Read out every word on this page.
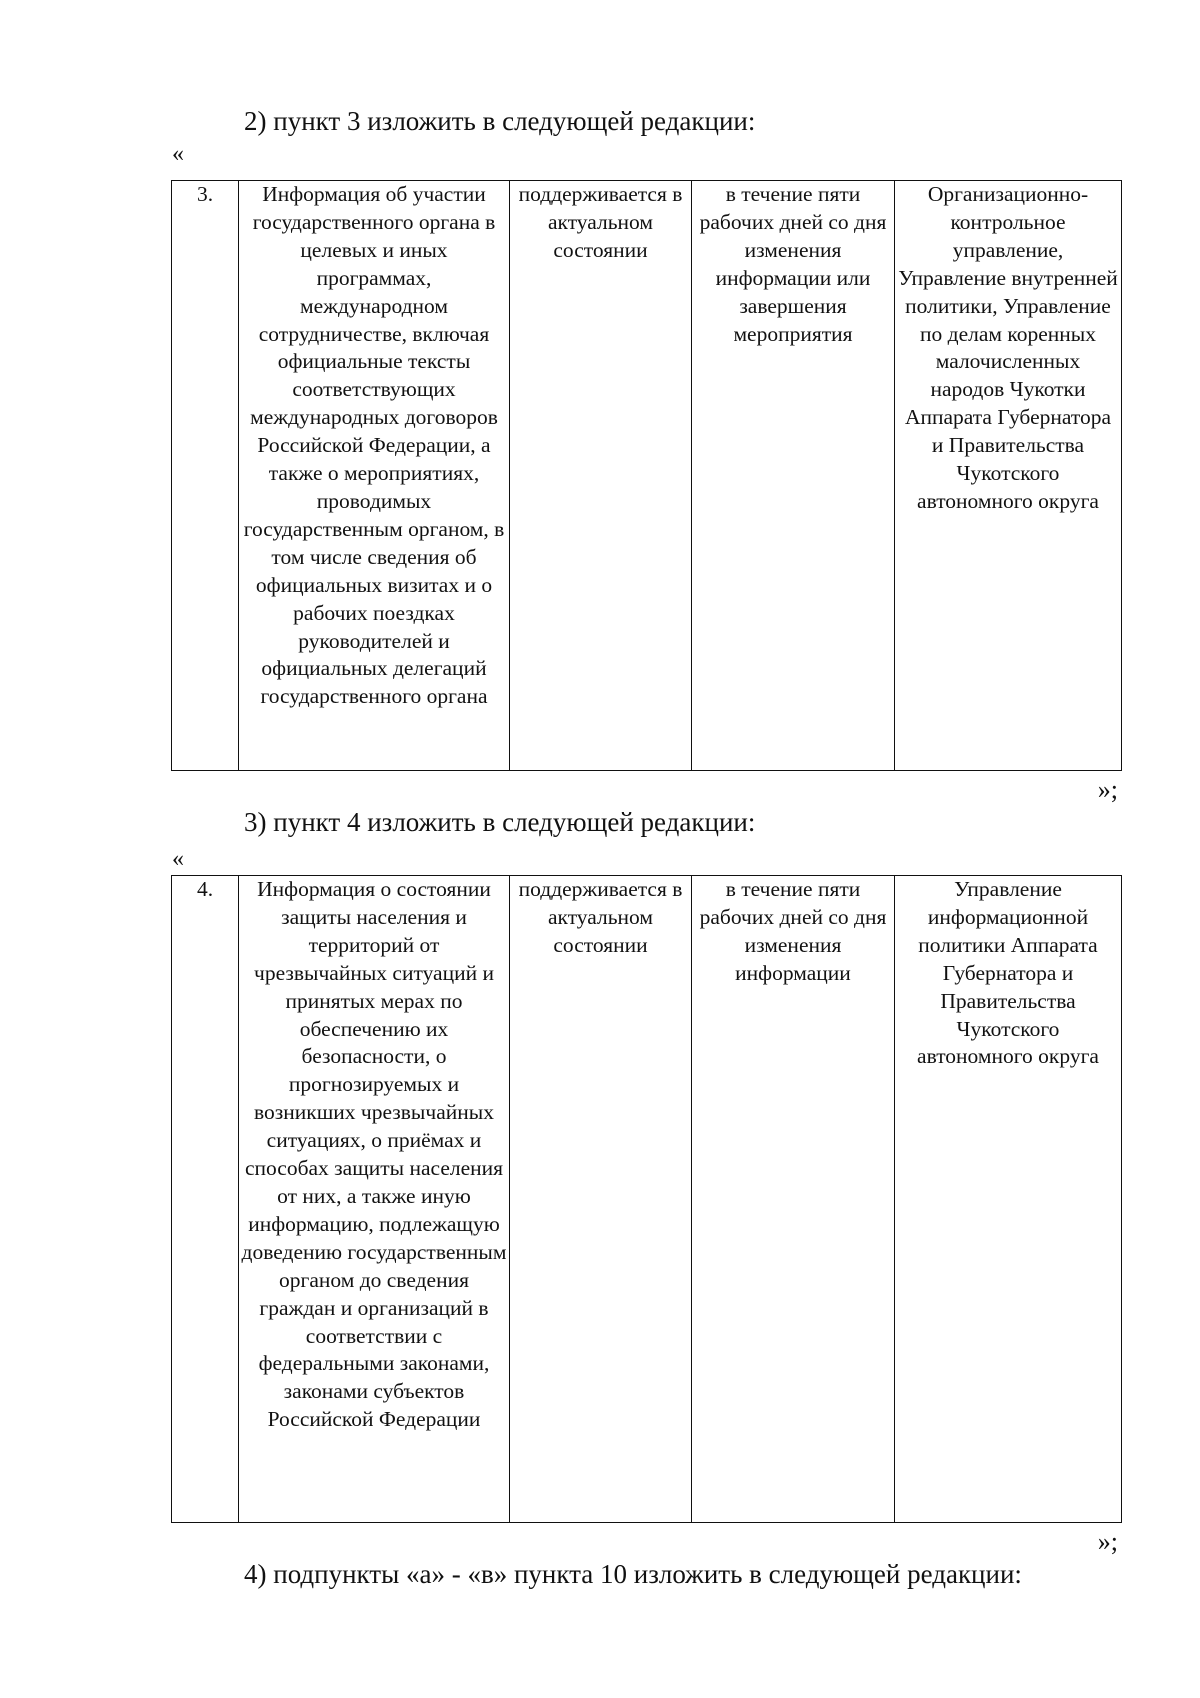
2) пункт 3 изложить в следующей редакции:
«
3.	Информация об участии государственного органа в целевых и иных программах, международном сотрудничестве, включая официальные тексты соответствующих международных договоров Российской Федерации, а также о мероприятиях, проводимых государственным органом, в том числе сведения об официальных визитах и о рабочих поездках руководителей и официальных делегаций государственного органа	поддерживается в актуальном состоянии	в течение пяти рабочих дней со дня изменения информации или завершения мероприятия	Организационно-контрольное управление, Управление внутренней политики, Управление по делам коренных малочисленных народов Чукотки Аппарата Губернатора и Правительства Чукотского автономного округа
»;
3) пункт 4 изложить в следующей редакции:
«
4.	Информация о состоянии защиты населения и территорий от чрезвычайных ситуаций и принятых мерах по обеспечению их безопасности, о прогнозируемых и возникших чрезвычайных ситуациях, о приёмах и способах защиты населения от них, а также иную информацию, подлежащую доведению государственным органом до сведения граждан и организаций в соответствии с федеральными законами, законами субъектов Российской Федерации	поддерживается в актуальном состоянии	в течение пяти рабочих дней со дня изменения информации	Управление информационной политики Аппарата Губернатора и Правительства Чукотского автономного округа
»;
4) подпункты «а» - «в» пункта 10 изложить в следующей редакции:
